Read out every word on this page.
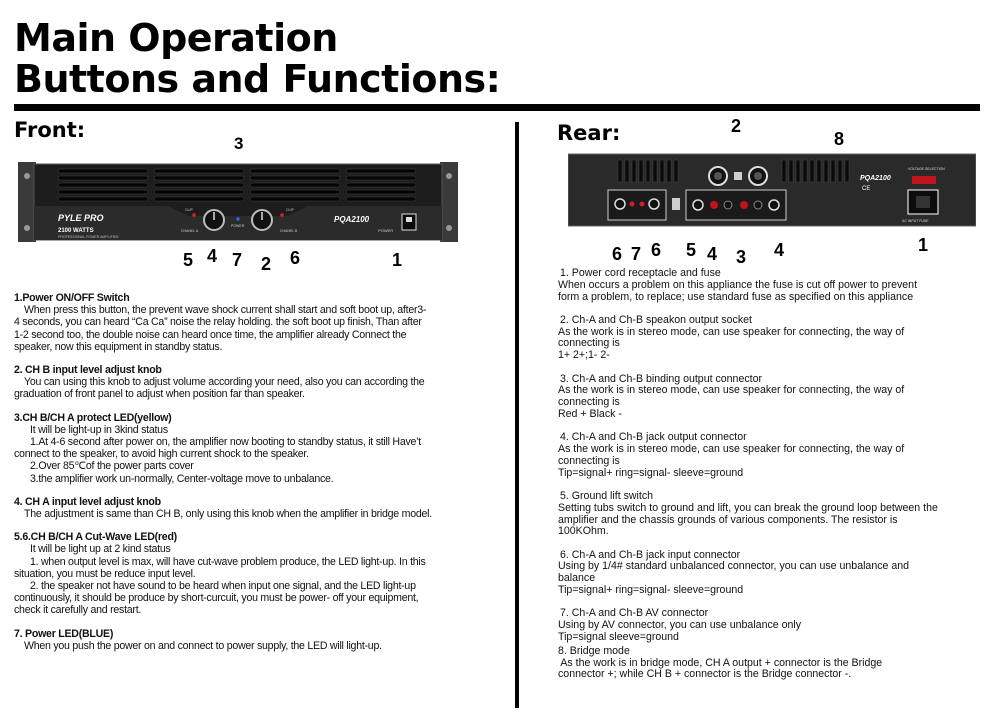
Main Operation
Buttons and Functions:
Front:
PYLE PRO
2100 WATTS
PROFESSIONAL POWER AMPLIFIER
PQA2100
CHANEL A	CHANEL B
CLIP	CLIP
POWER
POWER
3
5 4 7 2 6	1
Rear:
PQA2100
CE
VOLTAGE SELECTION
AC INPUT FUSE
2
8
6 7 6 5 4 3 4	1
1.Power ON/OFF Switch
When press this button, the prevent wave shock current shall start and soft boot up, after3-
4 seconds, you can heard “Ca Ca” noise the relay holding. the soft boot up finish, Than after
1-2 second too, the double noise can heard once time, the amplifier already Connect the
speaker, now this equipment in standby status.
2. CH B input level adjust knob
You can using this knob to adjust volume according your need, also you can according the
graduation of front panel to adjust when position far than speaker.
3.CH B/CH A protect LED(yellow)
It will be light-up in 3kind status
1.At 4-6 second after power on, the amplifier now booting to standby status, it still Have’t
connect to the speaker, to avoid high current shock to the speaker.
2.Over 85℃of the power parts cover
3.the amplifier work un-normally, Center-voltage move to unbalance.
4. CH A input level adjust knob
The adjustment is same than CH B, only using this knob when the amplifier in bridge model.
5.6.CH B/CH A Cut-Wave LED(red)
It will be light up at 2 kind status
1. when output level is max, will have cut-wave problem produce, the LED light-up. In this
situation, you must be reduce input level.
2. the speaker not have sound to be heard when input one signal, and the LED light-up
continuously, it should be produce by short-curcuit, you must be power- off your equipment,
check it carefully and restart.
7. Power LED(BLUE)
When you push the power on and connect to power supply, the LED will light-up.
1. Power cord receptacle and fuse
When occurs a problem on this appliance the fuse is cut off power to prevent
form a problem, to replace; use standard fuse as specified on this appliance
2. Ch-A and Ch-B speakon output socket
As the work is in stereo mode, can use speaker for connecting, the way of
connecting is
1+ 2+;1- 2-
3. Ch-A and Ch-B binding output connector
As the work is in stereo mode, can use speaker for connecting, the way of
connecting is
Red + Black -
4. Ch-A and Ch-B jack output connector
As the work is in stereo mode, can use speaker for connecting, the way of
connecting is
Tip=signal+ ring=signal- sleeve=ground
5. Ground lift switch
Setting tubs switch to ground and lift, you can break the ground loop between the
amplifier and the chassis grounds of various components. The resistor is
100KOhm.
6. Ch-A and Ch-B jack input connector
Using by 1/4# standard unbalanced connector, you can use unbalance and
balance
Tip=signal+ ring=signal- sleeve=ground
7. Ch-A and Ch-B AV connector
Using by AV connector, you can use unbalance only
Tip=signal sleeve=ground
8. Bridge mode
As the work is in bridge mode, CH A output + connector is the Bridge
connector +; while CH B + connector is the Bridge connector -.
